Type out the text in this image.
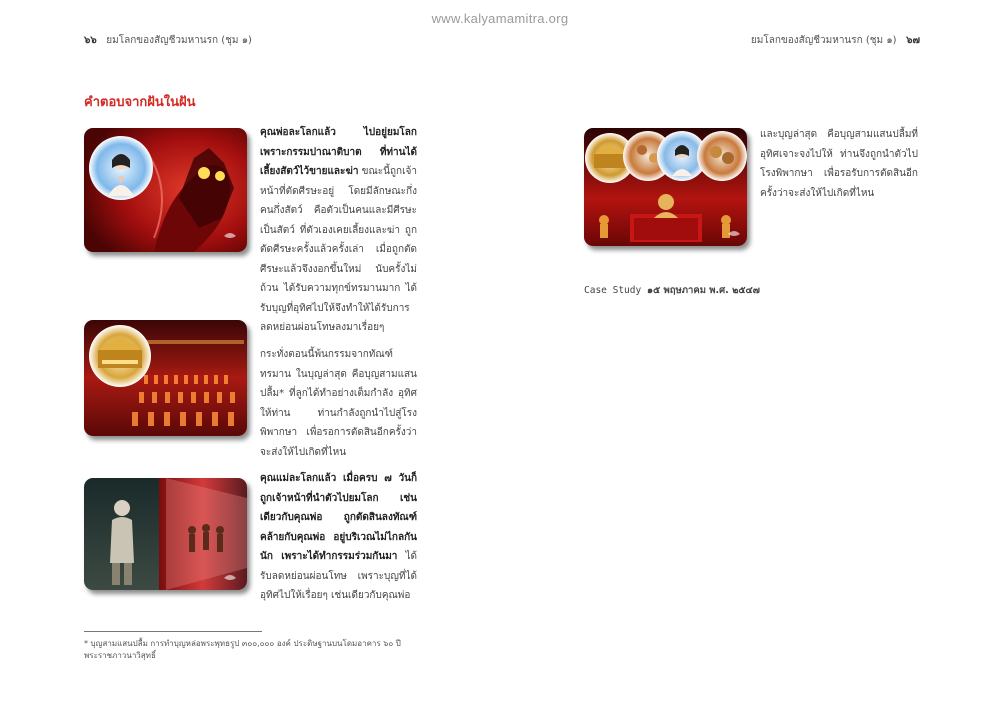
www.kalyamamitra.org
๖๖ ยมโลกของสัญชีวมหานรก (ชุม ๑)	ยมโลกของสัญชีวมหานรก (ชุม ๑) ๖๗
คำตอบจากฝันในฝัน
คุณพ่อละโลกแล้ว ไปอยู่ยมโลกเพราะกรรมปาณาติบาต ที่ท่านได้เลี้ยงสัตว์ไว้ขายและฆ่า ขณะนี้ถูกเจ้าหน้าที่ตัดศีรษะอยู่ โดยมีลักษณะกึ่งคนกึ่งสัตว์ คือตัวเป็นคนและมีศีรษะเป็นสัตว์ ที่ตัวเองเคยเลี้ยงและฆ่า ถูกตัดศีรษะครั้งแล้วครั้งเล่า เมื่อถูกตัดศีรษะแล้วจึงงอกขึ้นใหม่ นับครั้งไม่ถ้วน ได้รับความทุกข์ทรมานมาก ได้รับบุญที่อุทิศไปให้จึงทำให้ได้รับการลดหย่อนผ่อนโทษลงมาเรื่อยๆ
กระทั่งตอนนี้พ้นกรรมจากทัณฑ์ทรมาน ในบุญล่าสุด คือบุญสามแสนปลื้ม* ที่ลูกได้ทำอย่างเต็มกำลัง อุทิศให้ท่าน ท่านกำลังถูกนำไปสู่โรงพิพากษา เพื่อรอการตัดสินอีกครั้งว่า จะส่งให้ไปเกิดที่ไหน
คุณแม่ละโลกแล้ว เมื่อครบ ๗ วันก็ถูกเจ้าหน้าที่นำตัวไปยมโลก เช่นเดียวกับคุณพ่อ ถูกตัดสินลงทัณฑ์คล้ายกับคุณพ่อ อยู่บริเวณไม่ไกลกันนัก เพราะได้ทำกรรมร่วมกันมา ได้รับลดหย่อนผ่อนโทษ เพราะบุญที่ได้อุทิศไปให้เรื่อยๆ เช่นเดียวกับคุณพ่อ
และบุญล่าสุด คือบุญสามแสนปลื้มที่อุทิศเจาะจงไปให้ ท่านจึงถูกนำตัวไปโรงพิพากษา เพื่อรอรับการตัดสินอีกครั้งว่าจะส่งให้ไปเกิดที่ไหน
Case Study ๑๕ พฤษภาคม พ.ศ. ๒๕๔๗
* บุญสามแสนปลื้ม การทำบุญหล่อพระพุทธรูป ๓๐๐,๐๐๐ องค์ ประดิษฐานบนโดมอาคาร ๖๐ ปี พระราชภาวนาวิสุทธิ์
